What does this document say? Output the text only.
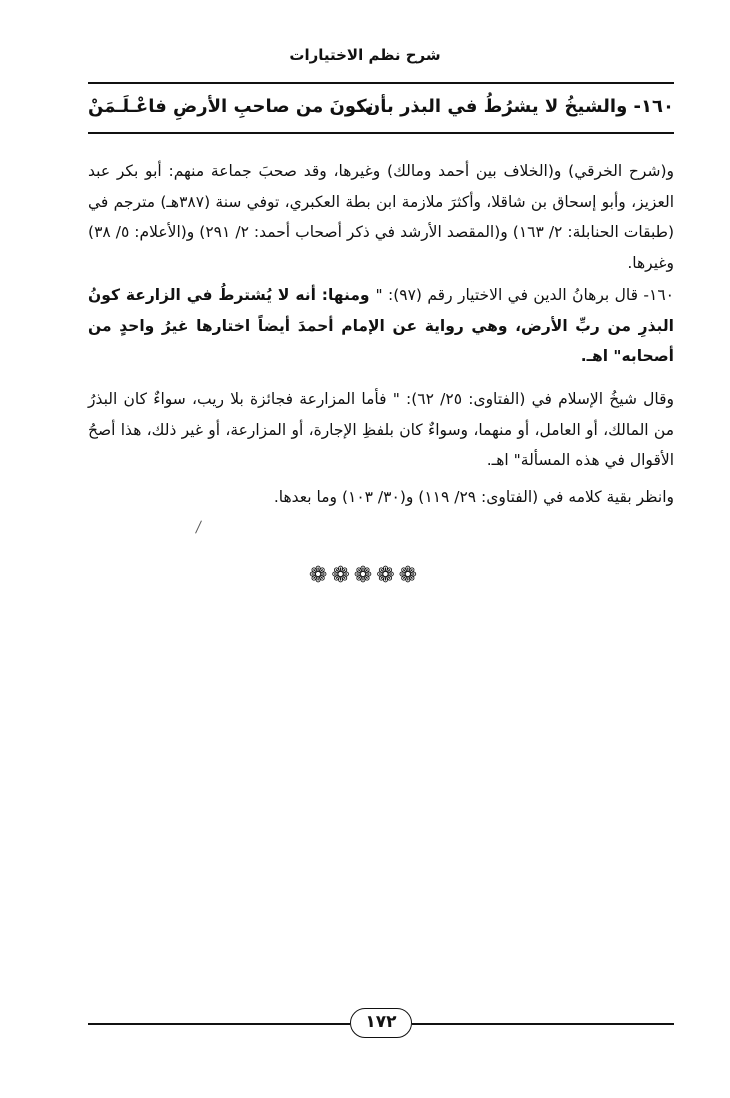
شرح نظم الاختيارات
١٦٠- والشيخُ لا يشرُطُ في البذر بأن
يكونَ من صاحبِ الأرضِ فاعْـلَـمَنْ
و(شرح الخرقي) و(الخلاف بين أحمد ومالك) وغيرها، وقد صحبَ جماعة منهم: أبو بكر عبد العزيز، وأبو إسحاق بن شاقلا، وأكثرَ ملازمة ابن بطة العكبري، توفي سنة (٣٨٧هـ) مترجم في (طبقات الحنابلة: ٢/ ١٦٣) و(المقصد الأرشد في ذكر أصحاب أحمد: ٢/ ٢٩١) و(الأعلام: ٥/ ٣٨) وغيرها.
١٦٠- قال برهانُ الدين في الاختيار رقم (٩٧): " ومنها: أنه لا يُشترطُ في الزارعة كونُ البذرِ من ربِّ الأرض، وهي رواية عن الإمام أحمدَ أيضاً اختارها غيرُ واحدٍ من أصحابه" اهـ.
وقال شيخُ الإسلام في (الفتاوى: ٢٥/ ٦٢): " فأما المزارعة فجائزة بلا ريب، سواءٌ كان البذرُ من المالك، أو العامل، أو منهما، وسواءٌ كان بلفظِ الإجارة، أو المزارعة، أو غير ذلك، هذا أصحُ الأقوال في هذه المسألة" اهـ.
وانظر بقية كلامه في (الفتاوى: ٢٩/ ١١٩) و(٣٠/ ١٠٣) وما بعدها.
❁❁❁❁❁
١٧٢
